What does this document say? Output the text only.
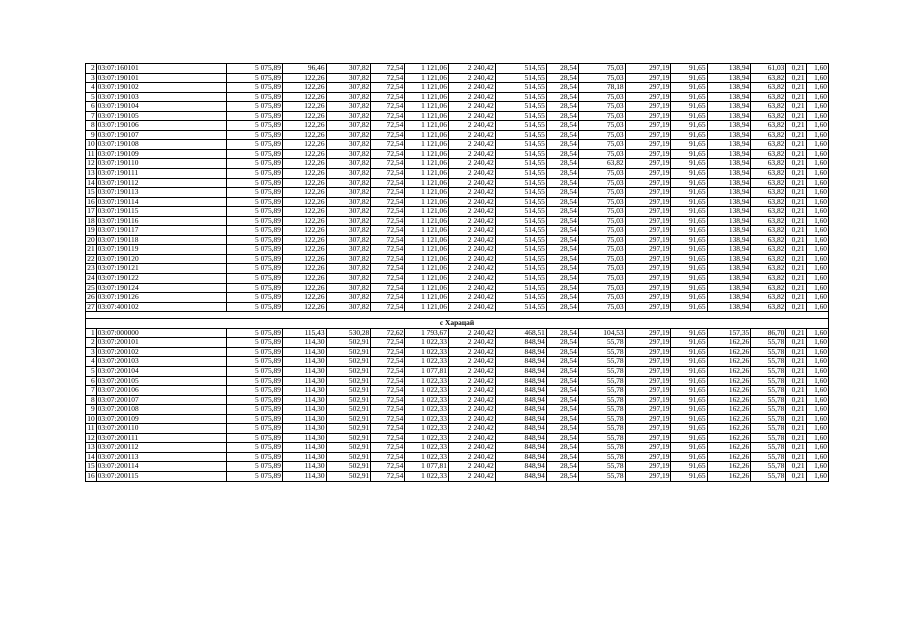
2	03:07:160101	5 075,89	96,46	307,82	72,54	1 121,06	2 240,42	514,55	28,54	75,03	297,19	91,65	138,94	61,03	0,21	1,60
3	03:07:190101	5 075,89	122,26	307,82	72,54	1 121,06	2 240,42	514,55	28,54	75,03	297,19	91,65	138,94	63,82	0,21	1,60
4	03:07:190102	5 075,89	122,26	307,82	72,54	1 121,06	2 240,42	514,55	28,54	78,18	297,19	91,65	138,94	63,82	0,21	1,60
5	03:07:190103	5 075,89	122,26	307,82	72,54	1 121,06	2 240,42	514,55	28,54	75,03	297,19	91,65	138,94	63,82	0,21	1,60
6	03:07:190104	5 075,89	122,26	307,82	72,54	1 121,06	2 240,42	514,55	28,54	75,03	297,19	91,65	138,94	63,82	0,21	1,60
7	03:07:190105	5 075,89	122,26	307,82	72,54	1 121,06	2 240,42	514,55	28,54	75,03	297,19	91,65	138,94	63,82	0,21	1,60
8	03:07:190106	5 075,89	122,26	307,82	72,54	1 121,06	2 240,42	514,55	28,54	75,03	297,19	91,65	138,94	63,82	0,21	1,60
9	03:07:190107	5 075,89	122,26	307,82	72,54	1 121,06	2 240,42	514,55	28,54	75,03	297,19	91,65	138,94	63,82	0,21	1,60
10	03:07:190108	5 075,89	122,26	307,82	72,54	1 121,06	2 240,42	514,55	28,54	75,03	297,19	91,65	138,94	63,82	0,21	1,60
11	03:07:190109	5 075,89	122,26	307,82	72,54	1 121,06	2 240,42	514,55	28,54	75,03	297,19	91,65	138,94	63,82	0,21	1,60
12	03:07:190110	5 075,89	122,26	307,82	72,54	1 121,06	2 240,42	514,55	28,54	63,82	297,19	91,65	138,94	63,82	0,21	1,60
13	03:07:190111	5 075,89	122,26	307,82	72,54	1 121,06	2 240,42	514,55	28,54	75,03	297,19	91,65	138,94	63,82	0,21	1,60
14	03:07:190112	5 075,89	122,26	307,82	72,54	1 121,06	2 240,42	514,55	28,54	75,03	297,19	91,65	138,94	63,82	0,21	1,60
15	03:07:190113	5 075,89	122,26	307,82	72,54	1 121,06	2 240,42	514,55	28,54	75,03	297,19	91,65	138,94	63,82	0,21	1,60
16	03:07:190114	5 075,89	122,26	307,82	72,54	1 121,06	2 240,42	514,55	28,54	75,03	297,19	91,65	138,94	63,82	0,21	1,60
17	03:07:190115	5 075,89	122,26	307,82	72,54	1 121,06	2 240,42	514,55	28,54	75,03	297,19	91,65	138,94	63,82	0,21	1,60
18	03:07:190116	5 075,89	122,26	307,82	72,54	1 121,06	2 240,42	514,55	28,54	75,03	297,19	91,65	138,94	63,82	0,21	1,60
19	03:07:190117	5 075,89	122,26	307,82	72,54	1 121,06	2 240,42	514,55	28,54	75,03	297,19	91,65	138,94	63,82	0,21	1,60
20	03:07:190118	5 075,89	122,26	307,82	72,54	1 121,06	2 240,42	514,55	28,54	75,03	297,19	91,65	138,94	63,82	0,21	1,60
21	03:07:190119	5 075,89	122,26	307,82	72,54	1 121,06	2 240,42	514,55	28,54	75,03	297,19	91,65	138,94	63,82	0,21	1,60
22	03:07:190120	5 075,89	122,26	307,82	72,54	1 121,06	2 240,42	514,55	28,54	75,03	297,19	91,65	138,94	63,82	0,21	1,60
23	03:07:190121	5 075,89	122,26	307,82	72,54	1 121,06	2 240,42	514,55	28,54	75,03	297,19	91,65	138,94	63,82	0,21	1,60
24	03:07:190122	5 075,89	122,26	307,82	72,54	1 121,06	2 240,42	514,55	28,54	75,03	297,19	91,65	138,94	63,82	0,21	1,60
25	03:07:190124	5 075,89	122,26	307,82	72,54	1 121,06	2 240,42	514,55	28,54	75,03	297,19	91,65	138,94	63,82	0,21	1,60
26	03:07:190126	5 075,89	122,26	307,82	72,54	1 121,06	2 240,42	514,55	28,54	75,03	297,19	91,65	138,94	63,82	0,21	1,60
27	03:07:400102	5 075,89	122,26	307,82	72,54	1 121,06	2 240,42	514,55	28,54	75,03	297,19	91,65	138,94	63,82	0,21	1,60

с Харацай																
1	03:07:000000	5 075,89	115,43	530,28	72,62	1 793,67	2 240,42	468,51	28,54	104,53	297,19	91,65	157,35	86,70	0,21	1,60
2	03:07:200101	5 075,89	114,30	502,91	72,54	1 022,33	2 240,42	848,94	28,54	55,78	297,19	91,65	162,26	55,78	0,21	1,60
3	03:07:200102	5 075,89	114,30	502,91	72,54	1 022,33	2 240,42	848,94	28,54	55,78	297,19	91,65	162,26	55,78	0,21	1,60
4	03:07:200103	5 075,89	114,30	502,91	72,54	1 022,33	2 240,42	848,94	28,54	55,78	297,19	91,65	162,26	55,78	0,21	1,60
5	03:07:200104	5 075,89	114,30	502,91	72,54	1 077,81	2 240,42	848,94	28,54	55,78	297,19	91,65	162,26	55,78	0,21	1,60
6	03:07:200105	5 075,89	114,30	502,91	72,54	1 022,33	2 240,42	848,94	28,54	55,78	297,19	91,65	162,26	55,78	0,21	1,60
7	03:07:200106	5 075,89	114,30	502,91	72,54	1 022,33	2 240,42	848,94	28,54	55,78	297,19	91,65	162,26	55,78	0,21	1,60
8	03:07:200107	5 075,89	114,30	502,91	72,54	1 022,33	2 240,42	848,94	28,54	55,78	297,19	91,65	162,26	55,78	0,21	1,60
9	03:07:200108	5 075,89	114,30	502,91	72,54	1 022,33	2 240,42	848,94	28,54	55,78	297,19	91,65	162,26	55,78	0,21	1,60
10	03:07:200109	5 075,89	114,30	502,91	72,54	1 022,33	2 240,42	848,94	28,54	55,78	297,19	91,65	162,26	55,78	0,21	1,60
11	03:07:200110	5 075,89	114,30	502,91	72,54	1 022,33	2 240,42	848,94	28,54	55,78	297,19	91,65	162,26	55,78	0,21	1,60
12	03:07:200111	5 075,89	114,30	502,91	72,54	1 022,33	2 240,42	848,94	28,54	55,78	297,19	91,65	162,26	55,78	0,21	1,60
13	03:07:200112	5 075,89	114,30	502,91	72,54	1 022,33	2 240,42	848,94	28,54	55,78	297,19	91,65	162,26	55,78	0,21	1,60
14	03:07:200113	5 075,89	114,30	502,91	72,54	1 022,33	2 240,42	848,94	28,54	55,78	297,19	91,65	162,26	55,78	0,21	1,60
15	03:07:200114	5 075,89	114,30	502,91	72,54	1 077,81	2 240,42	848,94	28,54	55,78	297,19	91,65	162,26	55,78	0,21	1,60
16	03:07:200115	5 075,89	114,30	502,91	72,54	1 022,33	2 240,42	848,94	28,54	55,78	297,19	91,65	162,26	55,78	0,21	1,60
